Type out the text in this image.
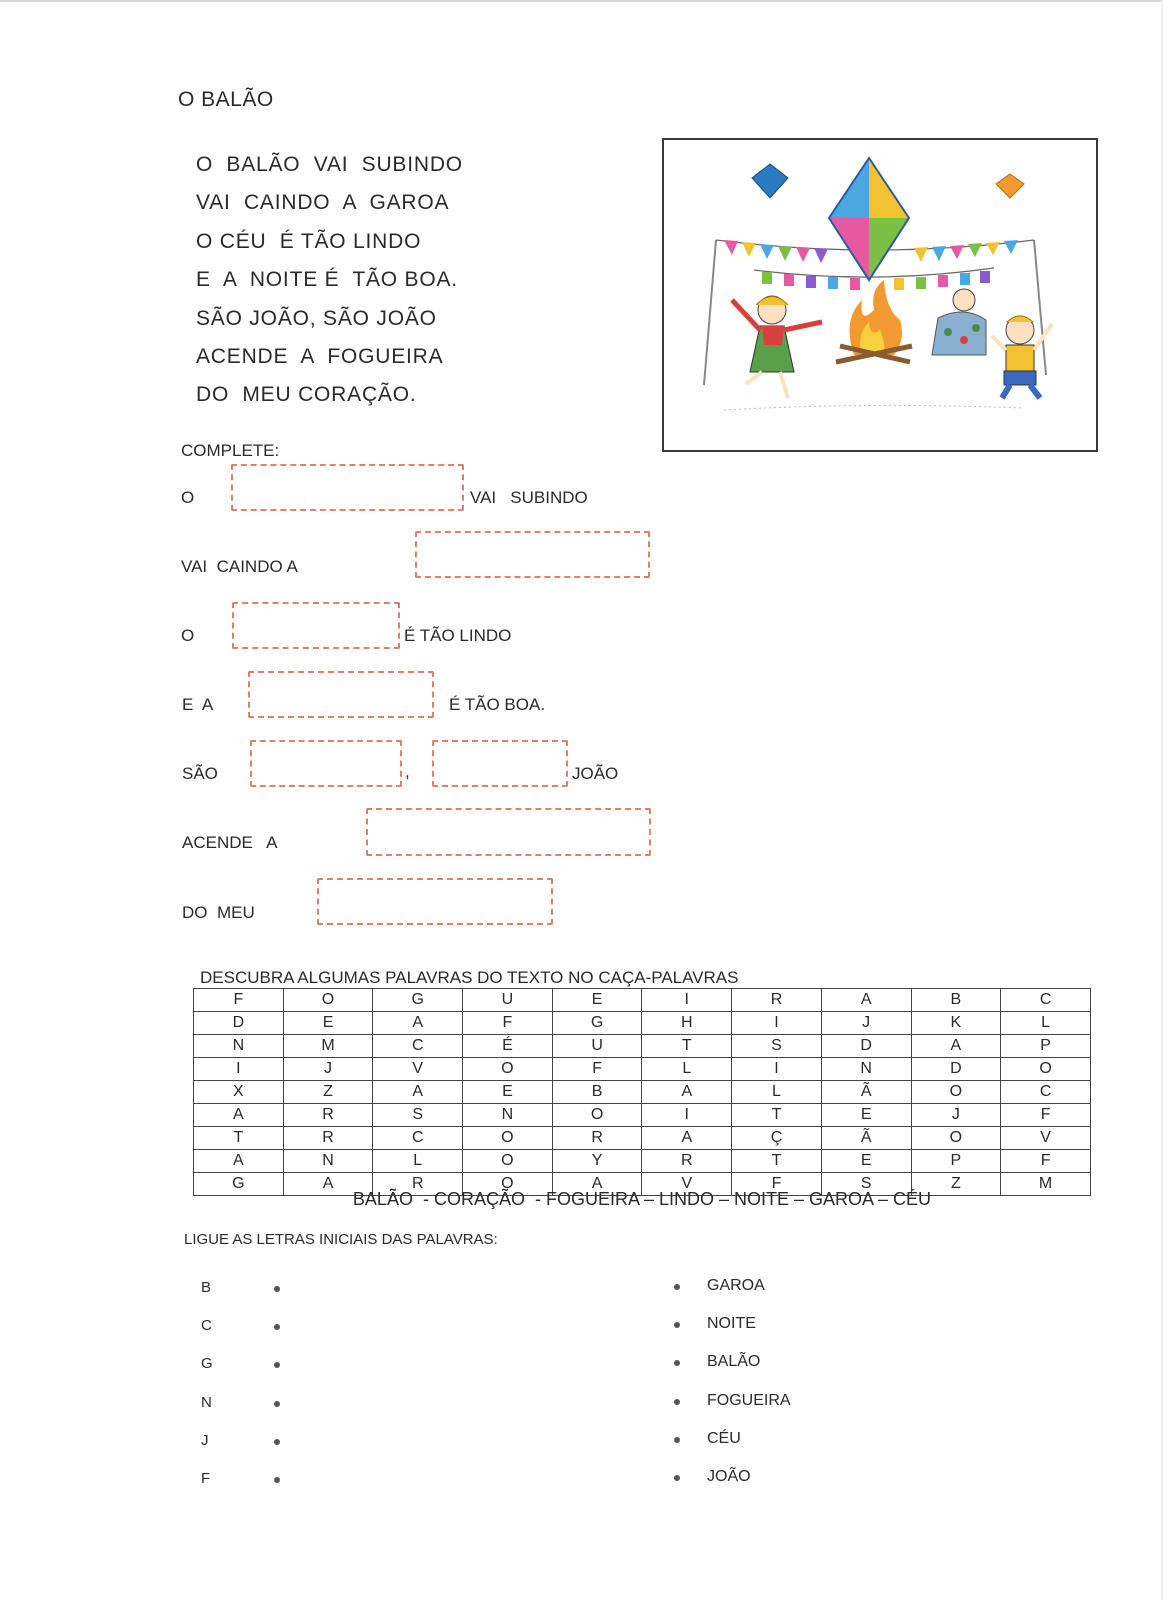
O BALÃO
O  BALÃO  VAI  SUBINDO
VAI  CAINDO  A  GAROA
O CÉU  É TÃO LINDO
E  A  NOITE É  TÃO BOA.
SÃO JOÃO, SÃO JOÃO
ACENDE  A  FOGUEIRA
DO  MEU CORAÇÃO.
COMPLETE:
O	VAI   SUBINDO
VAI  CAINDO A
O	É TÃO LINDO
E  A	É TÃO BOA.
SÃO	,	JOÃO
ACENDE   A
DO  MEU
DESCUBRA ALGUMAS PALAVRAS DO TEXTO NO CAÇA-PALAVRAS
F	O	G	U	E	I	R	A	B	C
D	E	A	F	G	H	I	J	K	L
N	M	C	É	U	T	S	D	A	P
I	J	V	O	F	L	I	N	D	O
X	Z	A	E	B	A	L	Ã	O	C
A	R	S	N	O	I	T	E	J	F
T	R	C	O	R	A	Ç	Ã	O	V
A	N	L	O	Y	R	T	E	P	F
G	A	R	O	A	V	F	S	Z	M
BALÃO  - CORAÇÃO  - FOGUEIRA – LINDO – NOITE – GAROA – CÉU
LIGUE AS LETRAS INICIAIS DAS PALAVRAS:
B	GAROA
C	NOITE
G	BALÃO
N	FOGUEIRA
J	CÉU
F	JOÃO
